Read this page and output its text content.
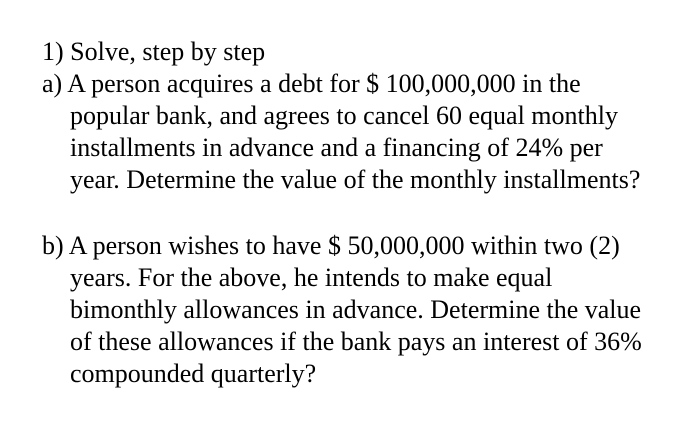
1) Solve, step by step
a) A person acquires a debt for $ 100,000,000 in the
popular bank, and agrees to cancel 60 equal monthly
installments in advance and a financing of 24% per
year. Determine the value of the monthly installments?
b) A person wishes to have $ 50,000,000 within two (2)
years. For the above, he intends to make equal
bimonthly allowances in advance. Determine the value
of these allowances if the bank pays an interest of 36%
compounded quarterly?
